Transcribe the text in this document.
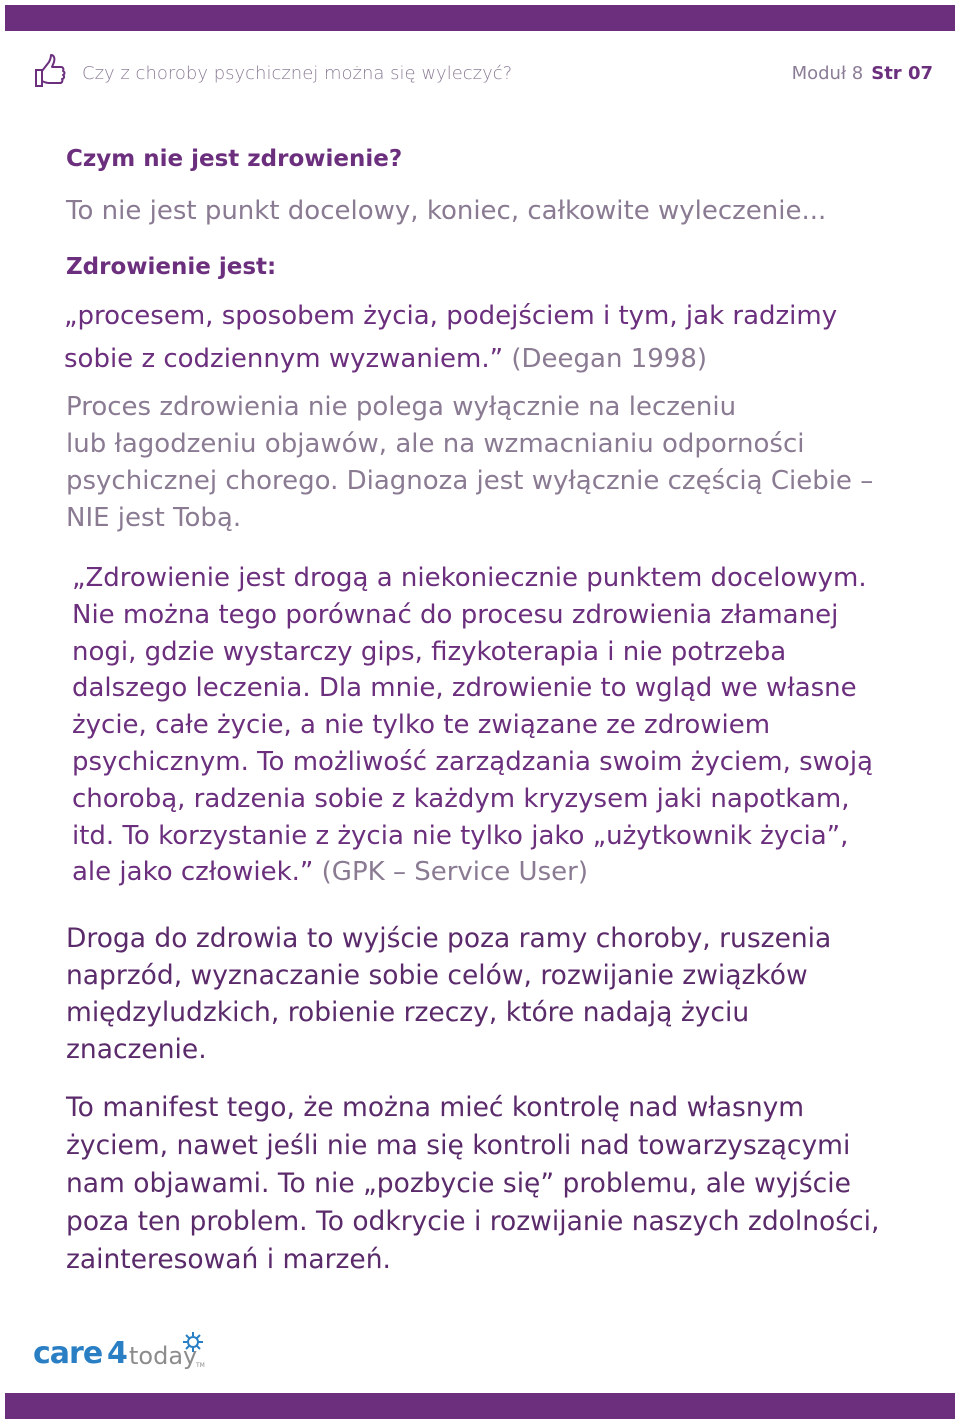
Czy z choroby psychicznej można się wyleczyć?	Moduł 8 Str 07
Czym nie jest zdrowienie?
To nie jest punkt docelowy, koniec, całkowite wyleczenie...
Zdrowienie jest:
„procesem, sposobem życia, podejściem i tym, jak radzimy
sobie z codziennym wyzwaniem.” (Deegan 1998)
Proces zdrowienia nie polega wyłącznie na leczeniu
lub łagodzeniu objawów, ale na wzmacnianiu odporności
psychicznej chorego. Diagnoza jest wyłącznie częścią Ciebie –
NIE jest Tobą.
„Zdrowienie jest drogą a niekoniecznie punktem docelowym.
Nie można tego porównać do procesu zdrowienia złamanej
nogi, gdzie wystarczy gips, fizykoterapia i nie potrzeba
dalszego leczenia. Dla mnie, zdrowienie to wgląd we własne
życie, całe życie, a nie tylko te związane ze zdrowiem
psychicznym. To możliwość zarządzania swoim życiem, swoją
chorobą, radzenia sobie z każdym kryzysem jaki napotkam,
itd. To korzystanie z życia nie tylko jako „użytkownik życia”,
ale jako człowiek.” (GPK – Service User)
Droga do zdrowia to wyjście poza ramy choroby, ruszenia
naprzód, wyznaczanie sobie celów, rozwijanie związków
międzyludzkich, robienie rzeczy, które nadają życiu
znaczenie.
To manifest tego, że można mieć kontrolę nad własnym
życiem, nawet jeśli nie ma się kontroli nad towarzyszącymi
nam objawami. To nie „pozbycie się” problemu, ale wyjście
poza ten problem. To odkrycie i rozwijanie naszych zdolności,
zainteresowań i marzeń.
care 4 today
TM
